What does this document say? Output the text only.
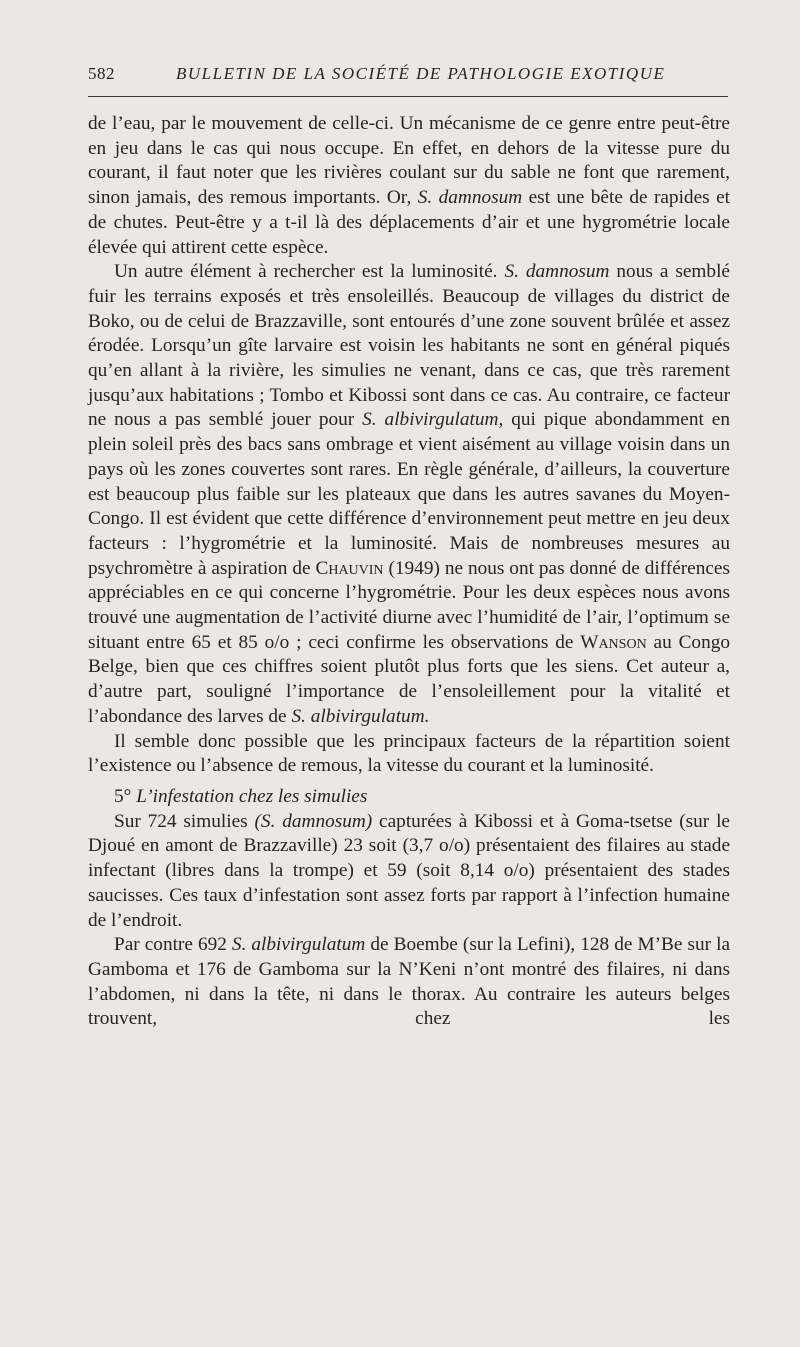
582	BULLETIN DE LA SOCIÉTÉ DE PATHOLOGIE EXOTIQUE

de l’eau, par le mouvement de celle-ci. Un mécanisme de ce genre entre peut-être en jeu dans le cas qui nous occupe. En effet, en dehors de la vitesse pure du courant, il faut noter que les rivières coulant sur du sable ne font que rarement, sinon jamais, des remous importants. Or, S. damnosum est une bête de rapides et de chutes. Peut-être y a t-il là des déplacements d’air et une hygrométrie locale élevée qui attirent cette espèce.

Un autre élément à rechercher est la luminosité. S. damnosum nous a semblé fuir les terrains exposés et très ensoleillés. Beaucoup de villages du district de Boko, ou de celui de Brazzaville, sont entourés d’une zone souvent brûlée et assez érodée. Lorsqu’un gîte larvaire est voisin les habitants ne sont en général piqués qu’en allant à la rivière, les simulies ne venant, dans ce cas, que très rarement jusqu’aux habitations ; Tombo et Kibossi sont dans ce cas. Au contraire, ce facteur ne nous a pas semblé jouer pour S. albivirgulatum, qui pique abondamment en plein soleil près des bacs sans ombrage et vient aisément au village voisin dans un pays où les zones couvertes sont rares. En règle générale, d’ailleurs, la couverture est beaucoup plus faible sur les plateaux que dans les autres savanes du Moyen-Congo. Il est évident que cette différence d’environnement peut mettre en jeu deux facteurs : l’hygrométrie et la luminosité. Mais de nombreuses mesures au psychromètre à aspiration de Chauvin (1949) ne nous ont pas donné de différences appréciables en ce qui concerne l’hygrométrie. Pour les deux espèces nous avons trouvé une augmentation de l’activité diurne avec l’humidité de l’air, l’optimum se situant entre 65 et 85 o/o ; ceci confirme les observations de Wanson au Congo Belge, bien que ces chiffres soient plutôt plus forts que les siens. Cet auteur a, d’autre part, souligné l’importance de l’ensoleillement pour la vitalité et l’abondance des larves de S. albivirgulatum.

Il semble donc possible que les principaux facteurs de la répartition soient l’existence ou l’absence de remous, la vitesse du courant et la luminosité.

5° L’infestation chez les simulies

Sur 724 simulies (S. damnosum) capturées à Kibossi et à Goma-tsetse (sur le Djoué en amont de Brazzaville) 23 soit (3,7 o/o) présentaient des filaires au stade infectant (libres dans la trompe) et 59 (soit 8,14 o/o) présentaient des stades saucisses. Ces taux d’infestation sont assez forts par rapport à l’infection humaine de l’endroit.

Par contre 692 S. albivirgulatum de Boembe (sur la Lefini), 128 de M’Be sur la Gamboma et 176 de Gamboma sur la N’Keni n’ont montré des filaires, ni dans l’abdomen, ni dans la tête, ni dans le thorax. Au contraire les auteurs belges trouvent, chez les
